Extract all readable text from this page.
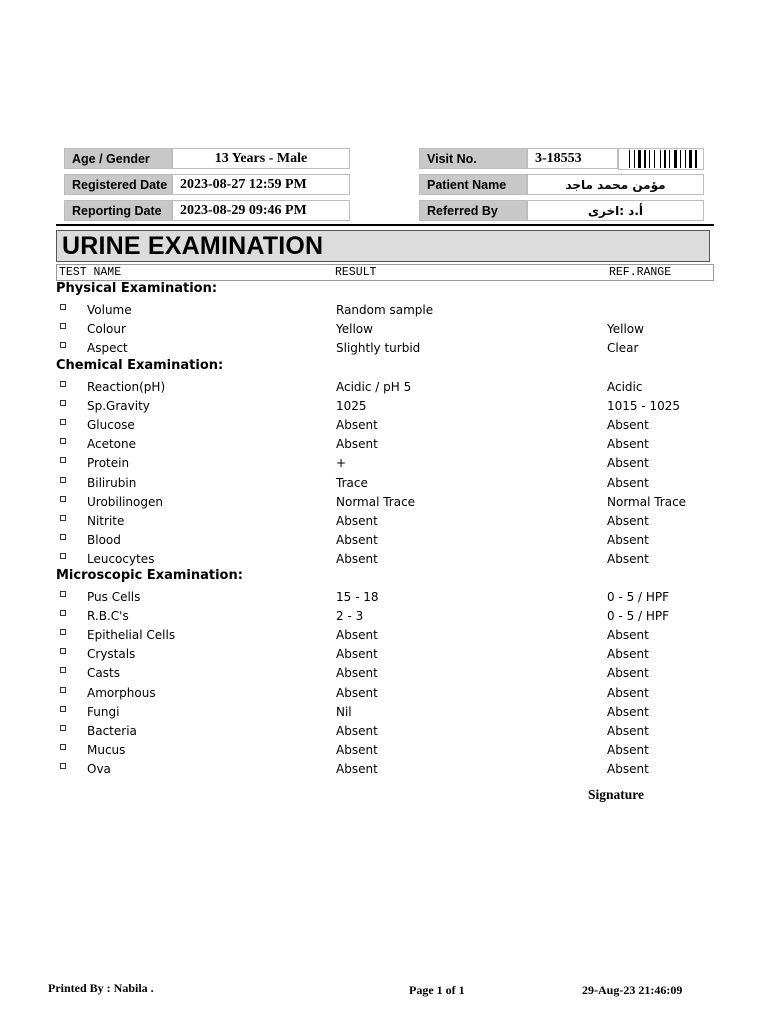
Age / Gender	13 Years - Male
Registered Date 2023-08-27 12:59 PM
Reporting Date	2023-08-29 09:46 PM
Visit No.	3-18553
Patient Name	مؤمن محمد ماجد
Referred By	أ.د :اخرى
URINE EXAMINATION
TEST NAME	RESULT	REF.RANGE
Physical Examination:
Volume	Random sample
Colour	Yellow	Yellow
Aspect	Slightly turbid	Clear
Chemical Examination:
Reaction(pH)	Acidic / pH 5	Acidic
Sp.Gravity	1025	1015 - 1025
Glucose	Absent	Absent
Acetone	Absent	Absent
Protein	+	Absent
Bilirubin	Trace	Absent
Urobilinogen	Normal Trace	Normal Trace
Nitrite	Absent	Absent
Blood	Absent	Absent
Leucocytes	Absent	Absent
Microscopic Examination:
Pus Cells	15 - 18	0 - 5 / HPF
R.B.C's	2 - 3	0 - 5 / HPF
Epithelial Cells	Absent	Absent
Crystals	Absent	Absent
Casts	Absent	Absent
Amorphous	Absent	Absent
Fungi	Nil	Absent
Bacteria	Absent	Absent
Mucus	Absent	Absent
Ova	Absent	Absent
Signature
Printed By : Nabila .	Page 1 of 1	29-Aug-23 21:46:09
